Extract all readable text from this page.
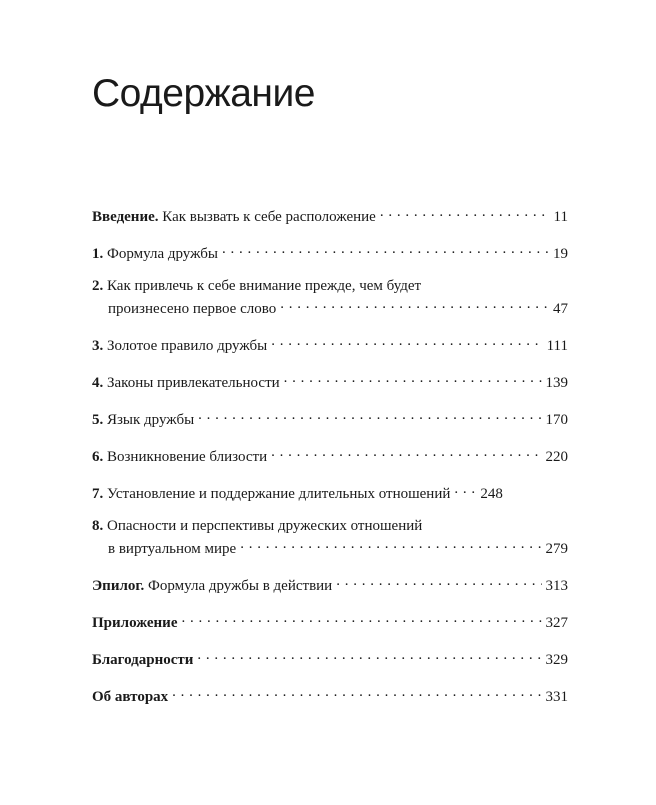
Содержание
Введение. Как вызвать к себе расположение . . .	11
1. Формула дружбы . . .	19
2. Как привлечь к себе внимание прежде, чем будет
произнесено первое слово . . .	47
3. Золотое правило дружбы . . .	111
4. Законы привлекательности . . .	139
5. Язык дружбы . . .	170
6. Возникновение близости . . .	220
7. Установление и поддержание длительных отношений . . . 248
8. Опасности и перспективы дружеских отношений
в виртуальном мире . . .	279
Эпилог. Формула дружбы в действии . . .	313
Приложение . . .	327
Благодарности . . .	329
Об авторах . . .	331
